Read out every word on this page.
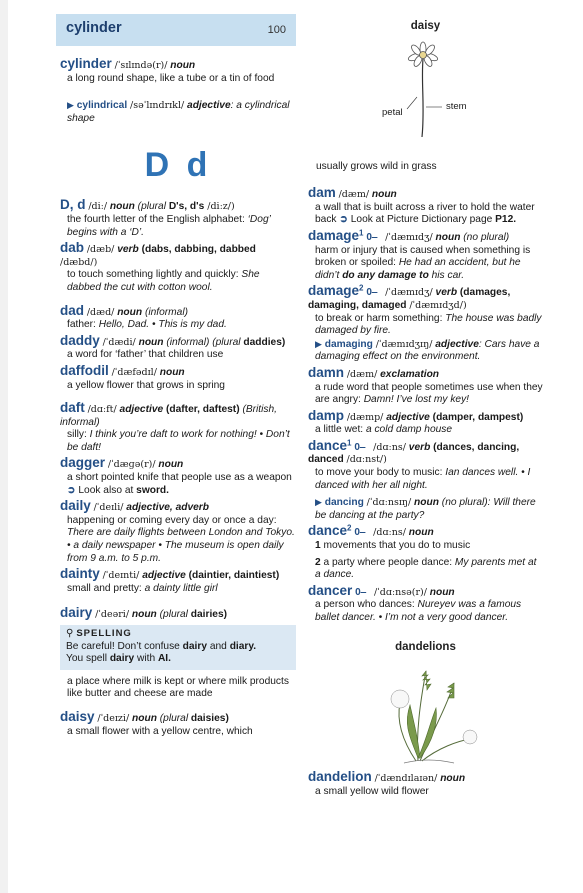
cylinder	100
cylinder /ˈsɪlɪndə(r)/ noun
a long round shape, like a tube or a tin of food
▶ cylindrical /səˈlɪndrɪkl/ adjective: a cylindrical shape
D d
D, d /diː/ noun (plural D's, d's /diːz/)
the fourth letter of the English alphabet: ‘Dog’ begins with a ‘D’.
dab /dæb/ verb (dabs, dabbing, dabbed /dæbd/)
to touch something lightly and quickly: She dabbed the cut with cotton wool.
dad /dæd/ noun (informal)
father: Hello, Dad. • This is my dad.
daddy /ˈdædi/ noun (informal) (plural daddies)
a word for ‘father’ that children use
daffodil /ˈdæfədɪl/ noun
a yellow flower that grows in spring
daft /dɑːft/ adjective (dafter, daftest) (British, informal)
silly: I think you’re daft to work for nothing! • Don’t be daft!
dagger /ˈdæɡə(r)/ noun
a short pointed knife that people use as a weapon ➲ Look also at sword.
daily /ˈdeɪli/ adjective, adverb
happening or coming every day or once a day: There are daily flights between London and Tokyo. • a daily newspaper • The museum is open daily from 9 a.m. to 5 p.m.
dainty /ˈdeɪnti/ adjective (daintier, daintiest)
small and pretty: a dainty little girl
dairy /ˈdeəri/ noun (plural dairies)
⚲ SPELLING
Be careful! Don’t confuse dairy and diary.
You spell dairy with AI.
a place where milk is kept or where milk products like butter and cheese are made
daisy /ˈdeɪzi/ noun (plural daisies)
a small flower with a yellow centre, which
daisy
petal
stem
usually grows wild in grass
dam /dæm/ noun
a wall that is built across a river to hold the water back ➲ Look at Picture Dictionary page P12.
damage$^1$ 0‒ /ˈdæmɪdʒ/ noun (no plural)
harm or injury that is caused when something is broken or spoiled: He had an accident, but he didn’t do any damage to his car.
damage$^2$ 0‒ /ˈdæmɪdʒ/ verb (damages, damaging, damaged /ˈdæmɪdʒd/)
to break or harm something: The house was badly damaged by fire.
▶ damaging /ˈdæmɪdʒɪŋ/ adjective: Cars have a damaging effect on the environment.
damn /dæm/ exclamation
a rude word that people sometimes use when they are angry: Damn! I’ve lost my key!
damp /dæmp/ adjective (damper, dampest)
a little wet: a cold damp house
dance$^1$ 0‒ /dɑːns/ verb (dances, dancing, danced /dɑːnst/)
to move your body to music: Ian dances well. • I danced with her all night.
▶ dancing /ˈdɑːnsɪŋ/ noun (no plural): Will there be dancing at the party?
dance$^2$ 0‒ /dɑːns/ noun
1 movements that you do to music
2 a party where people dance: My parents met at a dance.
dancer 0‒ /ˈdɑːnsə(r)/ noun
a person who dances: Nureyev was a famous ballet dancer. • I’m not a very good dancer.
dandelions
dandelion /ˈdændɪlaɪən/ noun
a small yellow wild flower
